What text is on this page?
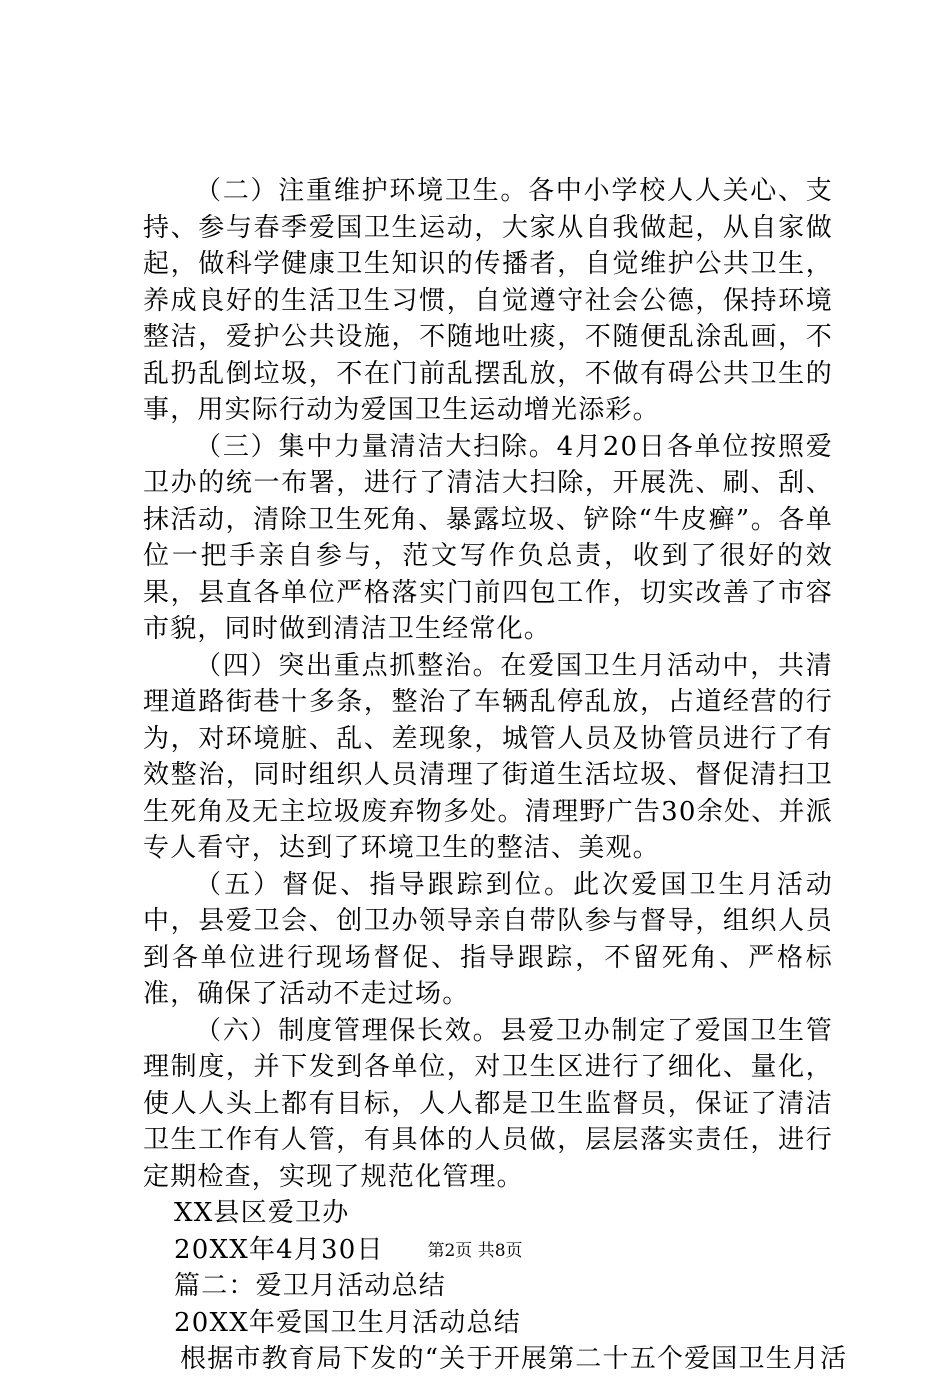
（二）注重维护环境卫生。各中小学校人人关心、支持、参与春季爱国卫生运动，大家从自我做起，从自家做起，做科学健康卫生知识的传播者，自觉维护公共卫生，养成良好的生活卫生习惯，自觉遵守社会公德，保持环境整洁，爱护公共设施，不随地吐痰，不随便乱涂乱画，不乱扔乱倒垃圾，不在门前乱摆乱放，不做有碍公共卫生的事，用实际行动为爱国卫生运动增光添彩。

（三）集中力量清洁大扫除。4月20日各单位按照爱卫办的统一布署，进行了清洁大扫除，开展洗、刷、刮、抹活动，清除卫生死角、暴露垃圾、铲除“牛皮癣”。各单位一把手亲自参与，范文写作负总责，收到了很好的效果，县直各单位严格落实门前四包工作，切实改善了市容市貌，同时做到清洁卫生经常化。

（四）突出重点抓整治。在爱国卫生月活动中，共清理道路街巷十多条，整治了车辆乱停乱放，占道经营的行为，对环境脏、乱、差现象，城管人员及协管员进行了有效整治，同时组织人员清理了街道生活垃圾、督促清扫卫生死角及无主垃圾废弃物多处。清理野广告30余处、并派专人看守，达到了环境卫生的整洁、美观。

（五）督促、指导跟踪到位。此次爱国卫生月活动中，县爱卫会、创卫办领导亲自带队参与督导，组织人员到各单位进行现场督促、指导跟踪，不留死角、严格标准，确保了活动不走过场。

（六）制度管理保长效。县爱卫办制定了爱国卫生管理制度，并下发到各单位，对卫生区进行了细化、量化，使人人头上都有目标，人人都是卫生监督员，保证了清洁卫生工作有人管，有具体的人员做，层层落实责任，进行定期检查，实现了规范化管理。

XX县区爱卫办

20XX年4月30日

篇二：爱卫月活动总结

20XX年爱国卫生月活动总结

根据市教育局下发的“关于开展第二十五个爱国卫生月活

第2页 共8页
